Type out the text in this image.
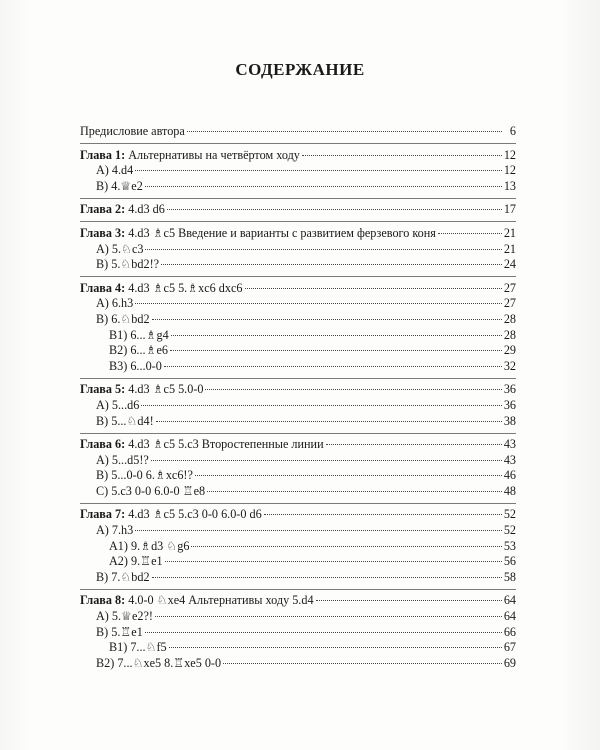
СОДЕРЖАНИЕ
Предисловие автора	6
Глава 1: Альтернативы на четвёртом ходу	12
A) 4.d4	12
B) 4.♕e2	13
Глава 2: 4.d3 d6	17
Глава 3: 4.d3 ♗c5 Введение и варианты с развитием ферзевого коня	21
A) 5.♘c3	21
B) 5.♘bd2!?	24
Глава 4: 4.d3 ♗c5 5.♗xc6 dxc6	27
A) 6.h3	27
B) 6.♘bd2	28
B1) 6...♗g4	28
B2) 6...♗e6	29
B3) 6...0-0	32
Глава 5: 4.d3 ♗c5 5.0-0	36
A) 5...d6	36
B) 5...♘d4!	38
Глава 6: 4.d3 ♗c5 5.c3 Второстепенные линии	43
A) 5...d5!?	43
B) 5...0-0 6.♗xc6!?	46
C) 5.c3 0-0 6.0-0 ♖e8	48
Глава 7: 4.d3 ♗c5 5.c3 0-0 6.0-0 d6	52
A) 7.h3	52
A1) 9.♗d3 ♘g6	53
A2) 9.♖e1	56
B) 7.♘bd2	58
Глава 8: 4.0-0 ♘xe4 Альтернативы ходу 5.d4	64
A) 5.♕e2?!	64
B) 5.♖e1	66
B1) 7...♘f5	67
B2) 7...♘xe5 8.♖xe5 0-0	69
